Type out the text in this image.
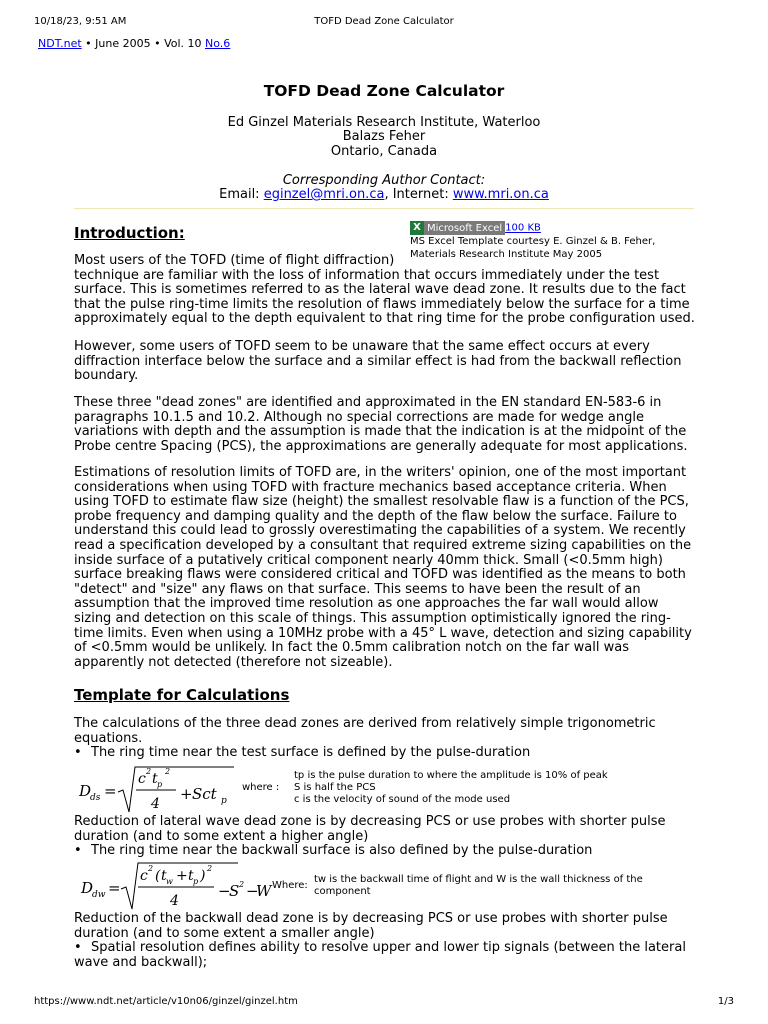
10/18/23, 9:51 AM	TOFD Dead Zone Calculator
NDT.net • June 2005 • Vol. 10 No.6
TOFD Dead Zone Calculator
Ed Ginzel Materials Research Institute, Waterloo
Balazs Feher
Ontario, Canada
Corresponding Author Contact:
Email: eginzel@mri.on.ca, Internet: www.mri.on.ca
Introduction:	X Microsoft Excel 100 KB
MS Excel Template courtesy E. Ginzel & B. Feher,
Materials Research Institute May 2005
Most users of the TOFD (time of flight diffraction)
technique are familiar with the loss of information that occurs immediately under the test surface. This is sometimes referred to as the lateral wave dead zone. It results due to the fact that the pulse ring-time limits the resolution of flaws immediately below the surface for a time approximately equal to the depth equivalent to that ring time for the probe configuration used.
However, some users of TOFD seem to be unaware that the same effect occurs at every diffraction interface below the surface and a similar effect is had from the backwall reflection boundary.
These three "dead zones" are identified and approximated in the EN standard EN-583-6 in paragraphs 10.1.5 and 10.2. Although no special corrections are made for wedge angle variations with depth and the assumption is made that the indication is at the midpoint of the Probe centre Spacing (PCS), the approximations are generally adequate for most applications.
Estimations of resolution limits of TOFD are, in the writers' opinion, one of the most important considerations when using TOFD with fracture mechanics based acceptance criteria. When using TOFD to estimate flaw size (height) the smallest resolvable flaw is a function of the PCS, probe frequency and damping quality and the depth of the flaw below the surface. Failure to understand this could lead to grossly overestimating the capabilities of a system. We recently read a specification developed by a consultant that required extreme sizing capabilities on the inside surface of a putatively critical component nearly 40mm thick. Small (<0.5mm high) surface breaking flaws were considered critical and TOFD was identified as the means to both "detect" and "size" any flaws on that surface. This seems to have been the result of an assumption that the improved time resolution as one approaches the far wall would allow sizing and detection on this scale of things. This assumption optimistically ignored the ring-time limits. Even when using a 10MHz probe with a 45° L wave, detection and sizing capability of <0.5mm would be unlikely. In fact the 0.5mm calibration notch on the far wall was apparently not detected (therefore not sizeable).
Template for Calculations
The calculations of the three dead zones are derived from relatively simple trigonometric equations.
• The ring time near the test surface is defined by the pulse-duration
D
ds =
c 2 t p
2
4
+ Sct p
where :
tp is the pulse duration to where the amplitude is 10% of peak
S is half the PCS
c is the velocity of sound of the mode used
Reduction of lateral wave dead zone is by decreasing PCS or use probes with shorter pulse duration (and to some extent a higher angle)
• The ring time near the backwall surface is also defined by the pulse-duration
D
dw =
c 2 ( t w + t p ) 2
4
−
S 2 −
W Where:
tw is the backwall time of flight and W is the wall thickness of the component
Reduction of the backwall dead zone is by decreasing PCS or use probes with shorter pulse duration (and to some extent a smaller angle)
• Spatial resolution defines ability to resolve upper and lower tip signals (between the lateral wave and backwall);
https://www.ndt.net/article/v10n06/ginzel/ginzel.htm	1/3
